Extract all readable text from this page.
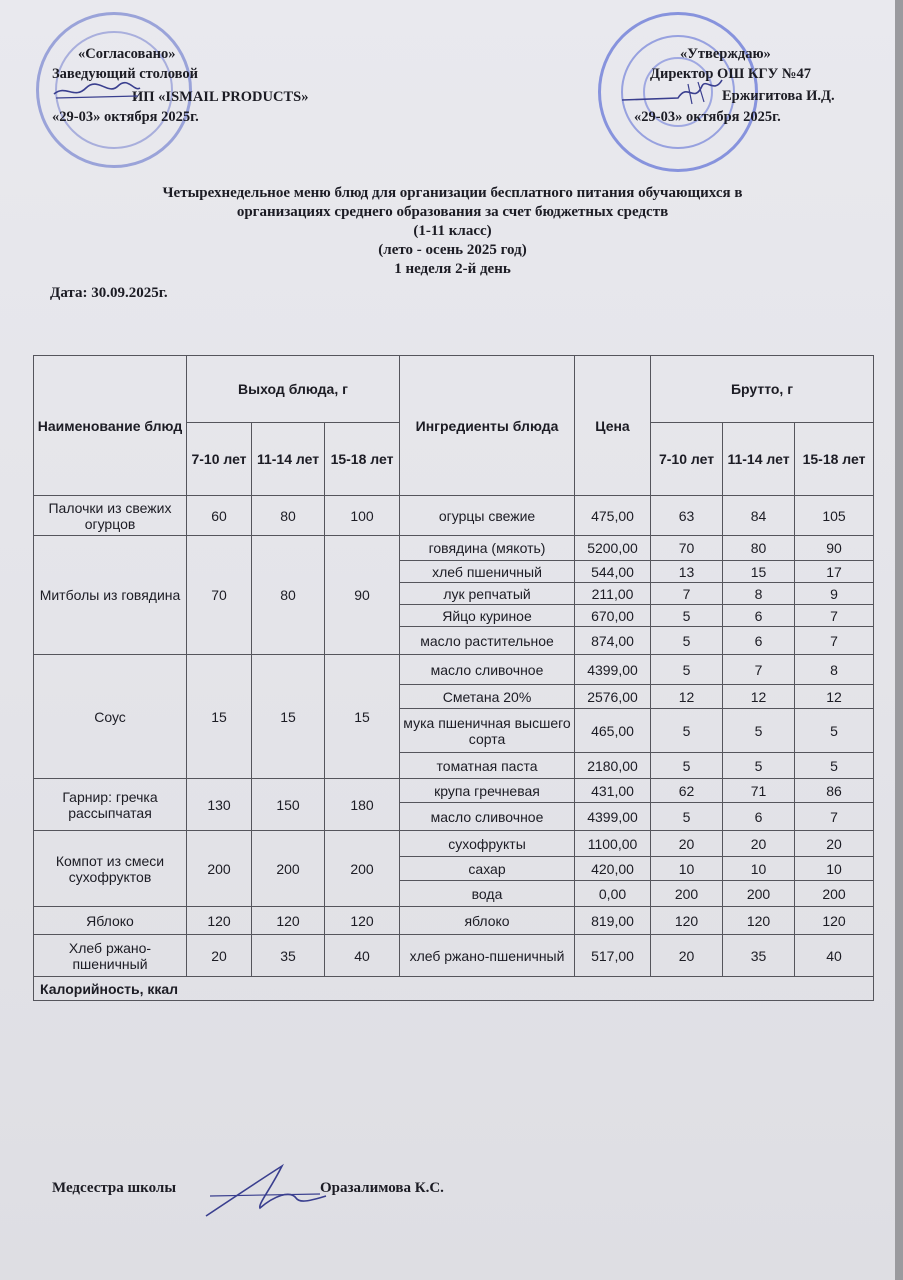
«Согласовано»
Заведующий столовой
ИП «ISMAIL PRODUCTS»
«29-03» октября 2025г.
«Утверждаю»
Директор ОШ КГУ №47
Ержигитова И.Д.
«29-03» октября 2025г.
Четырехнедельное меню блюд для организации бесплатного питания обучающихся в
организациях среднего образования за счет бюджетных средств
(1-11 класс)
(лето - осень 2025 год)
1 неделя 2-й день
Дата: 30.09.2025г.
Наименование блюд	Выход блюда, г			Ингредиенты блюда	Цена	Брутто, г		
	7-10 лет	11-14 лет	15-18 лет			7-10 лет	11-14 лет	15-18 лет
Палочки из свежих огурцов	60	80	100	огурцы свежие	475,00	63	84	105
Митболы из говядина	70	80	90	говядина (мякоть)	5200,00	70	80	90
				хлеб пшеничный	544,00	13	15	17
				лук репчатый	211,00	7	8	9
				Яйцо куриное	670,00	5	6	7
				масло растительное	874,00	5	6	7
Соус	15	15	15	масло сливочное	4399,00	5	7	8
				Сметана 20%	2576,00	12	12	12
				мука пшеничная высшего сорта	465,00	5	5	5
				томатная паста	2180,00	5	5	5
Гарнир: гречка рассыпчатая	130	150	180	крупа гречневая	431,00	62	71	86
				масло сливочное	4399,00	5	6	7
Компот из смеси сухофруктов	200	200	200	сухофрукты	1100,00	20	20	20
				сахар	420,00	10	10	10
				вода	0,00	200	200	200
Яблоко	120	120	120	яблоко	819,00	120	120	120
Хлеб ржано-пшеничный	20	35	40	хлеб ржано-пшеничный	517,00	20	35	40
Калорийность, ккал								
Медсестра школы	Оразалимова К.С.
